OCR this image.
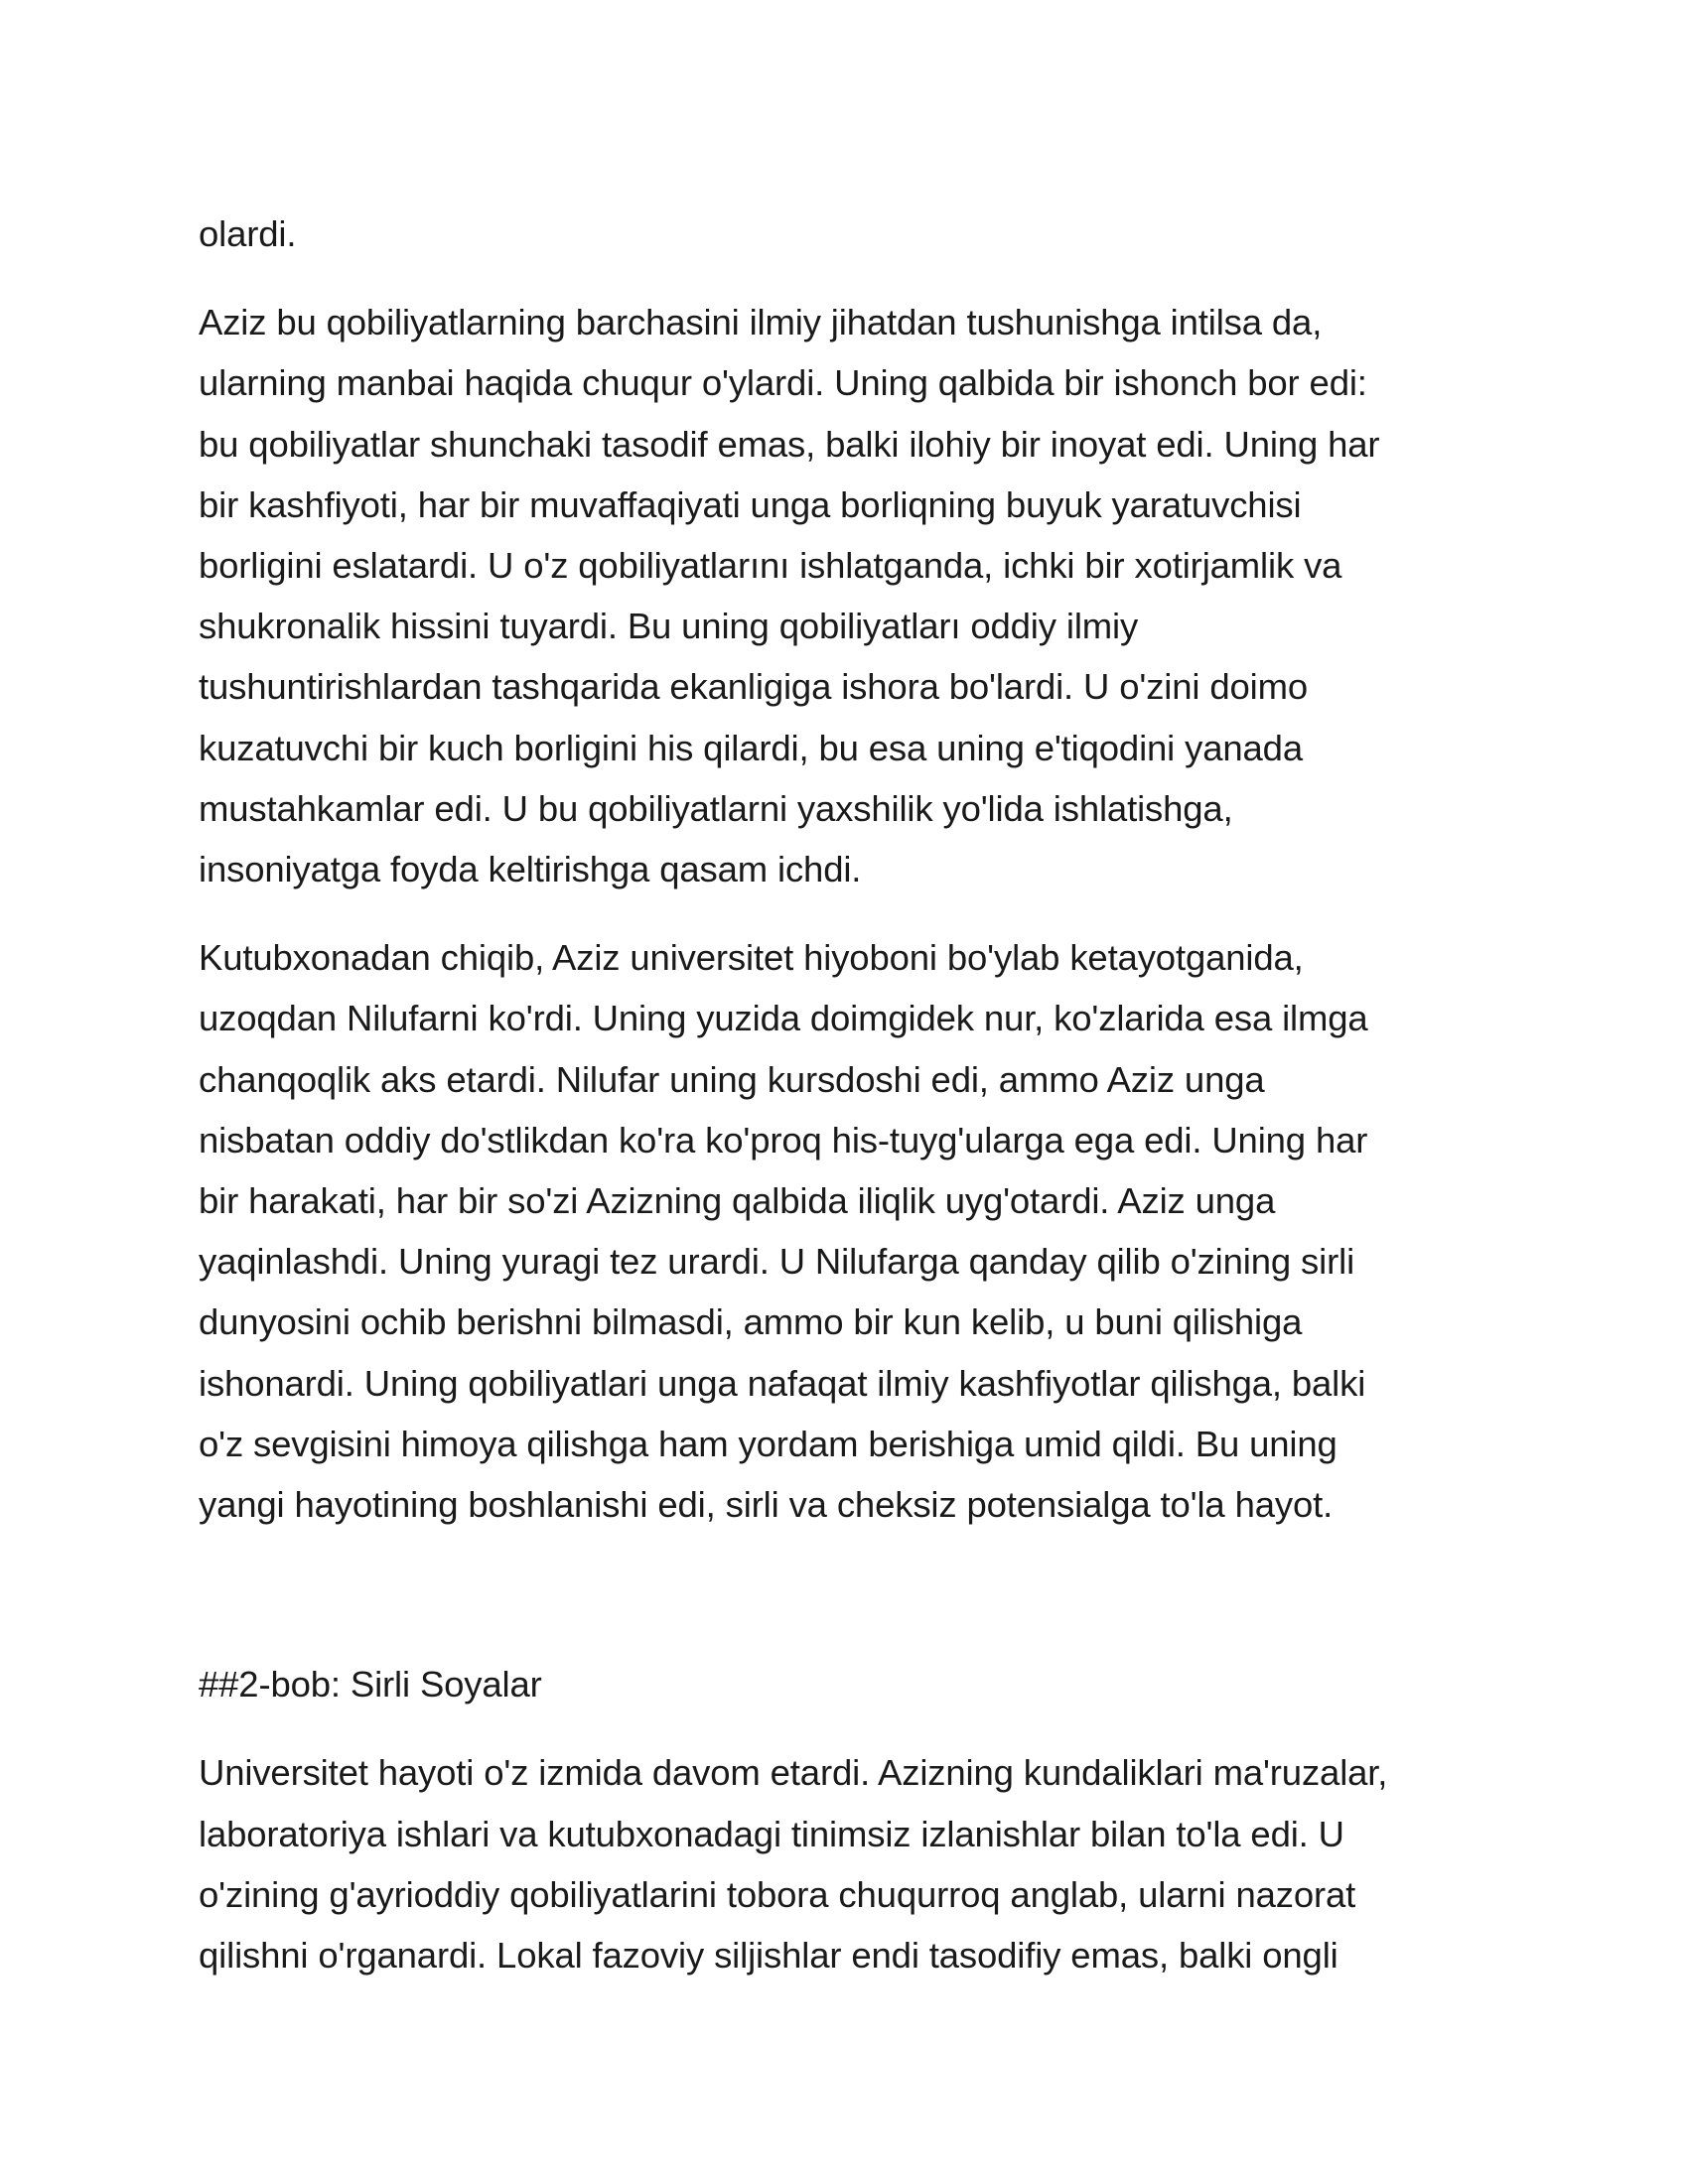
olardi.

Aziz bu qobiliyatlarning barchasini ilmiy jihatdan tushunishga intilsa da,
ularning manbai haqida chuqur o'ylardi. Uning qalbida bir ishonch bor edi:
bu qobiliyatlar shunchaki tasodif emas, balki ilohiy bir inoyat edi. Uning har
bir kashfiyoti, har bir muvaffaqiyati unga borliqning buyuk yaratuvchisi
borligini eslatardi. U o'z qobiliyatlarını ishlatganda, ichki bir xotirjamlik va
shukronalik hissini tuyardi. Bu uning qobiliyatları oddiy ilmiy
tushuntirishlardan tashqarida ekanligiga ishora bo'lardi. U o'zini doimo
kuzatuvchi bir kuch borligini his qilardi, bu esa uning e'tiqodini yanada
mustahkamlar edi. U bu qobiliyatlarni yaxshilik yo'lida ishlatishga,
insoniyatga foyda keltirishga qasam ichdi.

Kutubxonadan chiqib, Aziz universitet hiyoboni bo'ylab ketayotganida,
uzoqdan Nilufarni ko'rdi. Uning yuzida doimgidek nur, ko'zlarida esa ilmga
chanqoqlik aks etardi. Nilufar uning kursdoshi edi, ammo Aziz unga
nisbatan oddiy do'stlikdan ko'ra ko'proq his-tuyg'ularga ega edi. Uning har
bir harakati, har bir so'zi Azizning qalbida iliqlik uyg'otardi. Aziz unga
yaqinlashdi. Uning yuragi tez urardi. U Nilufarga qanday qilib o'zining sirli
dunyosini ochib berishni bilmasdi, ammo bir kun kelib, u buni qilishiga
ishonardi. Uning qobiliyatlari unga nafaqat ilmiy kashfiyotlar qilishga, balki
o'z sevgisini himoya qilishga ham yordam berishiga umid qildi. Bu uning
yangi hayotining boshlanishi edi, sirli va cheksiz potensialga to'la hayot.

##2-bob: Sirli Soyalar

Universitet hayoti o'z izmida davom etardi. Azizning kundaliklari ma'ruzalar,
laboratoriya ishlari va kutubxonadagi tinimsiz izlanishlar bilan to'la edi. U
o'zining g'ayrioddiy qobiliyatlarini tobora chuqurroq anglab, ularni nazorat
qilishni o'rganardi. Lokal fazoviy siljishlar endi tasodifiy emas, balki ongli
